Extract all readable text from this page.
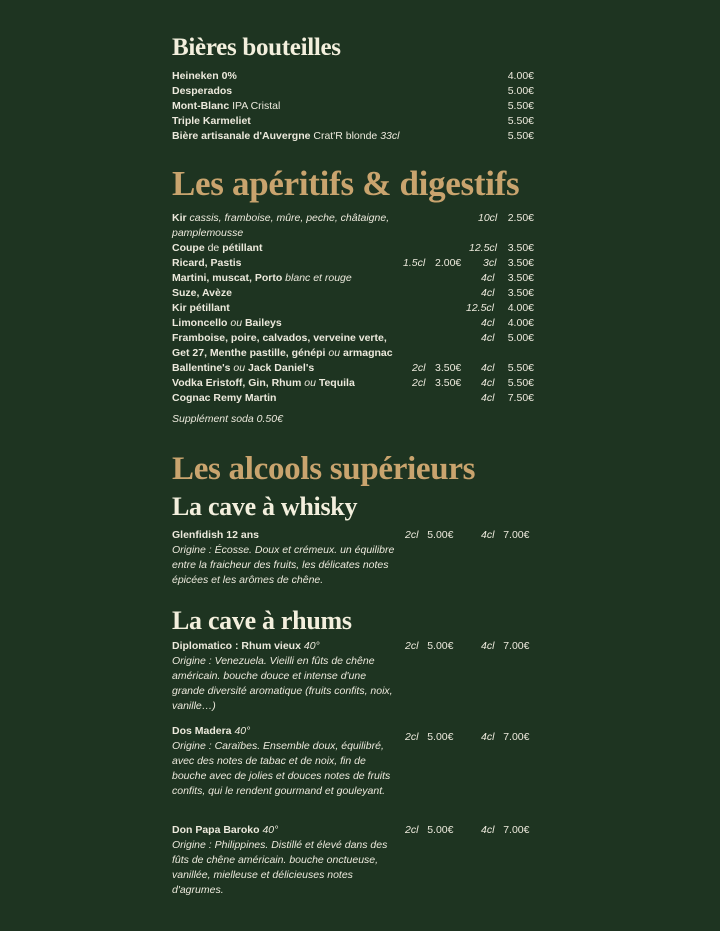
Bières bouteilles
Heineken 0%	4.00€
Desperados	5.00€
Mont-Blanc IPA Cristal	5.50€
Triple Karmeliet	5.50€
Bière artisanale d'Auvergne Crat'R blonde 33cl	5.50€
Les apéritifs & digestifs
Kir cassis, framboise, mûre, peche, châtaigne,	10cl 2.50€
pamplemousse
Coupe de pétillant	12.5cl 3.50€
Ricard, Pastis	1.5cl 2.00€ 3cl 3.50€
Martini, muscat, Porto blanc et rouge	4cl 3.50€
Suze, Avèze	4cl 3.50€
Kir pétillant	12.5cl 4.00€
Limoncello ou Baileys	4cl 4.00€
Framboise, poire, calvados, verveine verte,	4cl 5.00€
Get 27, Menthe pastille, génépi ou armagnac
Ballentine's ou Jack Daniel's	2cl 3.50€ 4cl 5.50€
Vodka Eristoff, Gin, Rhum ou Tequila	2cl 3.50€ 4cl 5.50€
Cognac Remy Martin	4cl 7.50€
Supplément soda 0.50€
Les alcools supérieurs
La cave à whisky
Glenfidish 12 ans
Origine : Écosse. Doux et crémeux. un équilibre entre la fraicheur des fruits, les délicates notes épicées et les arômes de chêne.
2cl 5.00€	4cl 7.00€
La cave à rhums
Diplomatico : Rhum vieux 40°
Origine : Venezuela. Vieilli en fûts de chêne américain. bouche douce et intense d'une grande diversité aromatique (fruits confits, noix, vanille…)
2cl 5.00€	4cl 7.00€
Dos Madera 40°
Origine : Caraïbes. Ensemble doux, équilibré, avec des notes de tabac et de noix, fin de bouche avec de jolies et douces notes de fruits confits, qui le rendent gourmand et gouleyant.
2cl 5.00€	4cl 7.00€
Don Papa Baroko 40°
Origine : Philippines. Distillé et élevé dans des fûts de chêne américain. bouche onctueuse, vanillée, mielleuse et délicieuses notes d'agrumes.
2cl 5.00€	4cl 7.00€
